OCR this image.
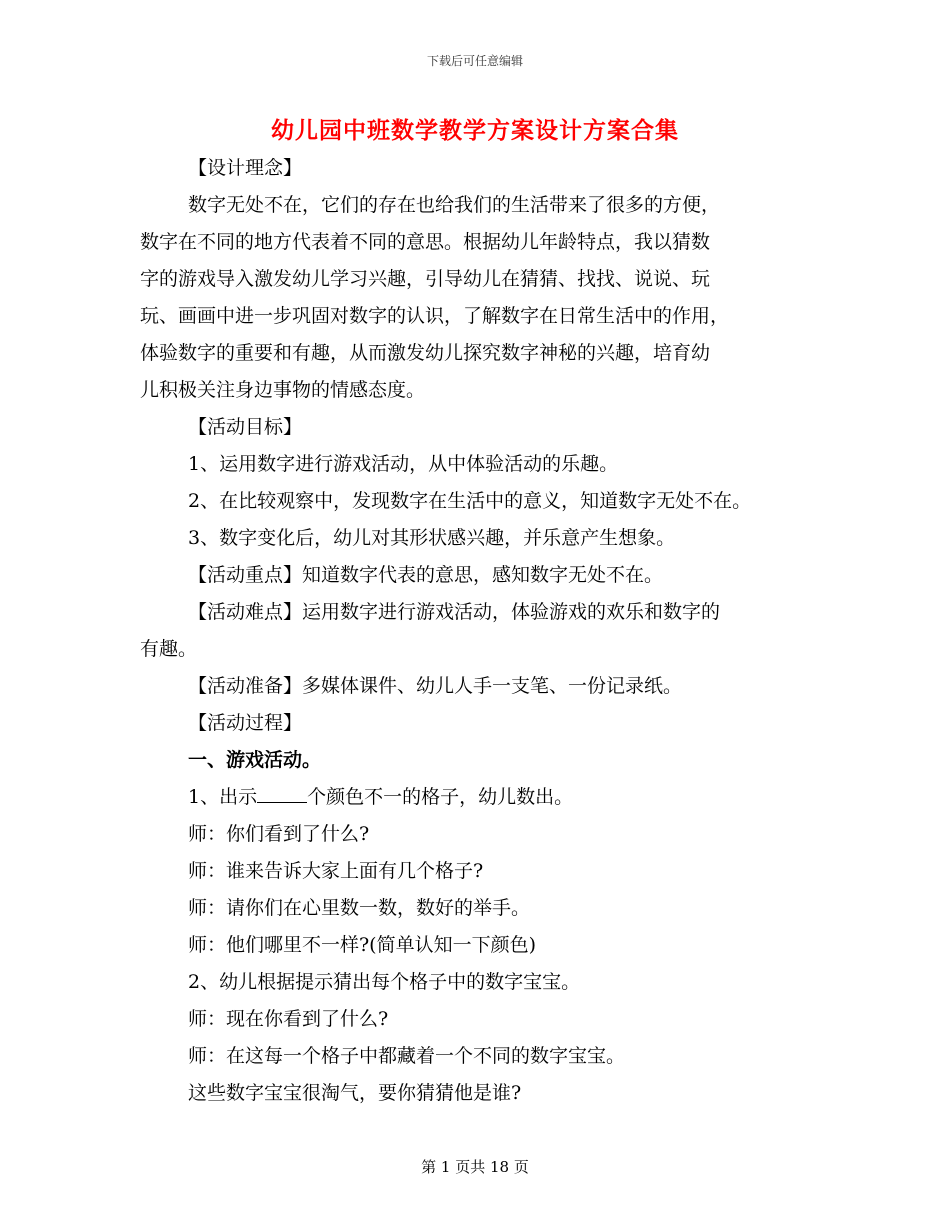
下载后可任意编辑
幼儿园中班数学教学方案设计方案合集
【设计理念】
数字无处不在，它们的存在也给我们的生活带来了很多的方便，
数字在不同的地方代表着不同的意思。根据幼儿年龄特点，我以猜数
字的游戏导入激发幼儿学习兴趣，引导幼儿在猜猜、找找、说说、玩
玩、画画中进一步巩固对数字的认识，了解数字在日常生活中的作用，
体验数字的重要和有趣，从而激发幼儿探究数字神秘的兴趣，培育幼
儿积极关注身边事物的情感态度。
【活动目标】
1、运用数字进行游戏活动，从中体验活动的乐趣。
2、在比较观察中，发现数字在生活中的意义，知道数字无处不在。
3、数字变化后，幼儿对其形状感兴趣，并乐意产生想象。
【活动重点】知道数字代表的意思，感知数字无处不在。
【活动难点】运用数字进行游戏活动，体验游戏的欢乐和数字的
有趣。
【活动准备】多媒体课件、幼儿人手一支笔、一份记录纸。
【活动过程】
一、游戏活动。
1、出示	个颜色不一的格子，幼儿数出。
师：你们看到了什么?
师：谁来告诉大家上面有几个格子?
师：请你们在心里数一数，数好的举手。
师：他们哪里不一样?(简单认知一下颜色)
2、幼儿根据提示猜出每个格子中的数字宝宝。
师：现在你看到了什么?
师：在这每一个格子中都藏着一个不同的数字宝宝。
这些数字宝宝很淘气，要你猜猜他是谁?
第 1 页共 18 页
